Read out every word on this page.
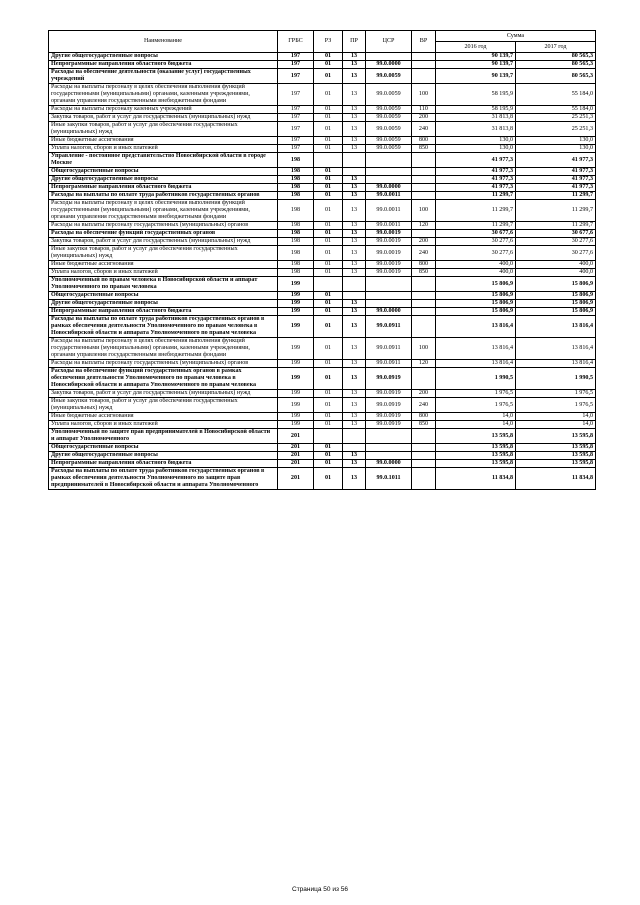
Наименование	ГРБС	РЗ	ПР	ЦСР	ВР	Сумма	
						2016 год	2017 год
Другие общегосударственные вопросы	197	01	13			90 139,7	80 565,3
Непрограммные направления областного бюджета	197	01	13	99.0.0000		90 139,7	80 565,3
Расходы на обеспечение деятельности (оказание услуг) государственных учреждений	197	01	13	99.0.0059		90 139,7	80 565,3
Расходы на выплаты персоналу в целях обеспечения выполнения функций государственными (муниципальными) органами, казенными учреждениями, органами управления государственными внебюджетными фондами	197	01	13	99.0.0059	100	58 195,9	55 184,0
Расходы на выплаты персоналу казенных учреждений	197	01	13	99.0.0059	110	58 195,9	55 184,0
Закупка товаров, работ и услуг для государственных (муниципальных) нужд	197	01	13	99.0.0059	200	31 813,8	25 251,3
Иные закупки товаров, работ и услуг для обеспечения государственных (муниципальных) нужд	197	01	13	99.0.0059	240	31 813,8	25 251,3
Иные бюджетные ассигнования	197	01	13	99.0.0059	800	130,0	130,0
Уплата налогов, сборов и иных платежей	197	01	13	99.0.0059	850	130,0	130,0
Управление - постоянное представительство Новосибирской области в городе Москве	198					41 977,3	41 977,3
Общегосударственные вопросы	198	01				41 977,3	41 977,3
Другие общегосударственные вопросы	198	01	13			41 977,3	41 977,3
Непрограммные направления областного бюджета	198	01	13	99.0.0000		41 977,3	41 977,3
Расходы на выплаты по оплате труда работников государственных органов	198	01	13	99.0.0011		11 299,7	11 299,7
Расходы на выплаты персоналу в целях обеспечения выполнения функций государственными (муниципальными) органами, казенными учреждениями, органами управления государственными внебюджетными фондами	198	01	13	99.0.0011	100	11 299,7	11 299,7
Расходы на выплаты персоналу государственных (муниципальных) органов	198	01	13	99.0.0011	120	11 299,7	11 299,7
Расходы на обеспечение функций государственных органов	198	01	13	99.0.0019		30 677,6	30 677,6
Закупка товаров, работ и услуг для государственных (муниципальных) нужд	198	01	13	99.0.0019	200	30 277,6	30 277,6
Иные закупки товаров, работ и услуг для обеспечения государственных (муниципальных) нужд	198	01	13	99.0.0019	240	30 277,6	30 277,6
Иные бюджетные ассигнования	198	01	13	99.0.0019	800	400,0	400,0
Уплата налогов, сборов и иных платежей	198	01	13	99.0.0019	850	400,0	400,0
Уполномоченный по правам человека в Новосибирской области и аппарат Уполномоченного по правам человека	199					15 806,9	15 806,9
Общегосударственные вопросы	199	01				15 806,9	15 806,9
Другие общегосударственные вопросы	199	01	13			15 806,9	15 806,9
Непрограммные направления областного бюджета	199	01	13	99.0.0000		15 806,9	15 806,9
Расходы на выплаты по оплате труда работников государственных органов в рамках обеспечения деятельности Уполномоченного по правам человека в Новосибирской области и аппарата Уполномоченного по правам человека	199	01	13	99.0.0911		13 816,4	13 816,4
Расходы на выплаты персоналу в целях обеспечения выполнения функций государственными (муниципальными) органами, казенными учреждениями, органами управления государственными внебюджетными фондами	199	01	13	99.0.0911	100	13 816,4	13 816,4
Расходы на выплаты персоналу государственных (муниципальных) органов	199	01	13	99.0.0911	120	13 816,4	13 816,4
Расходы на обеспечение функций государственных органов в рамках обеспечения деятельности Уполномоченного по правам человека в Новосибирской области и аппарата Уполномоченного по правам человека	199	01	13	99.0.0919		1 990,5	1 990,5
Закупка товаров, работ и услуг для государственных (муниципальных) нужд	199	01	13	99.0.0919	200	1 976,5	1 976,5
Иные закупки товаров, работ и услуг для обеспечения государственных (муниципальных) нужд	199	01	13	99.0.0919	240	1 976,5	1 976,5
Иные бюджетные ассигнования	199	01	13	99.0.0919	800	14,0	14,0
Уплата налогов, сборов и иных платежей	199	01	13	99.0.0919	850	14,0	14,0
Уполномоченный по защите прав предпринимателей в Новосибирской области и аппарат Уполномоченного	201					13 595,8	13 595,8
Общегосударственные вопросы	201	01				13 595,8	13 595,8
Другие общегосударственные вопросы	201	01	13			13 595,8	13 595,8
Непрограммные направления областного бюджета	201	01	13	99.0.0000		13 595,8	13 595,8
Расходы на выплаты по оплате труда работников государственных органов в рамках обеспечения деятельности Уполномоченного по защите прав предпринимателей в Новосибирской области и аппарата Уполномоченного	201	01	13	99.0.1011		11 834,8	11 834,8
Страница 50 из 56
